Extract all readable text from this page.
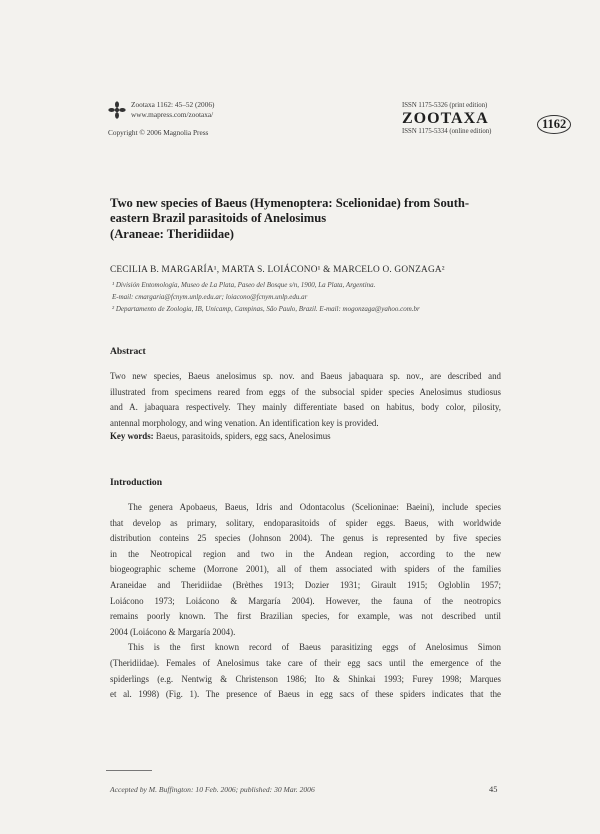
Zootaxa 1162: 45–52 (2006)
www.mapress.com/zootaxa/
Copyright © 2006 Magnolia Press
ISSN 1175-5326 (print edition)
ZOOTAXA
ISSN 1175-5334 (online edition)
1162
Two new species of Baeus (Hymenoptera: Scelionidae) from South-
eastern Brazil parasitoids of Anelosimus
(Araneae: Theridiidae)
CECILIA B. MARGARÍA¹, MARTA S. LOIÁCONO¹ & MARCELO O. GONZAGA²
¹ División Entomología, Museo de La Plata, Paseo del Bosque s/n, 1900, La Plata, Argentina.
E-mail: cmargaria@fcnym.unlp.edu.ar; loiacono@fcnym.unlp.edu.ar
² Departamento de Zoologia, IB, Unicamp, Campinas, São Paulo, Brazil. E-mail: mogonzaga@yahoo.com.br
Abstract
Two new species, Baeus anelosimus sp. nov. and Baeus jabaquara sp. nov., are described and
illustrated from specimens reared from eggs of the subsocial spider species Anelosimus studiosus
and A. jabaquara respectively. They mainly differentiate based on habitus, body color, pilosity,
antennal morphology, and wing venation. An identification key is provided.
Key words: Baeus, parasitoids, spiders, egg sacs, Anelosimus
Introduction
The genera Apobaeus, Baeus, Idris and Odontacolus (Scelioninae: Baeini), include species
that develop as primary, solitary, endoparasitoids of spider eggs. Baeus, with worldwide
distribution conteins 25 species (Johnson 2004). The genus is represented by five species
in the Neotropical region and two in the Andean region, according to the new
biogeographic scheme (Morrone 2001), all of them associated with spiders of the families
Araneidae and Theridiidae (Brèthes 1913; Dozier 1931; Girault 1915; Ogloblin 1957;
Loiácono 1973; Loiácono & Margaría 2004). However, the fauna of the neotropics
remains poorly known. The first Brazilian species, for example, was not described until
2004 (Loiácono & Margaría 2004).
This is the first known record of Baeus parasitizing eggs of Anelosimus Simon
(Theridiidae). Females of Anelosimus take care of their egg sacs until the emergence of the
spiderlings (e.g. Nentwig & Christenson 1986; Ito & Shinkai 1993; Furey 1998; Marques
et al. 1998) (Fig. 1). The presence of Baeus in egg sacs of these spiders indicates that the
Accepted by M. Buffington: 10 Feb. 2006; published: 30 Mar. 2006	45
